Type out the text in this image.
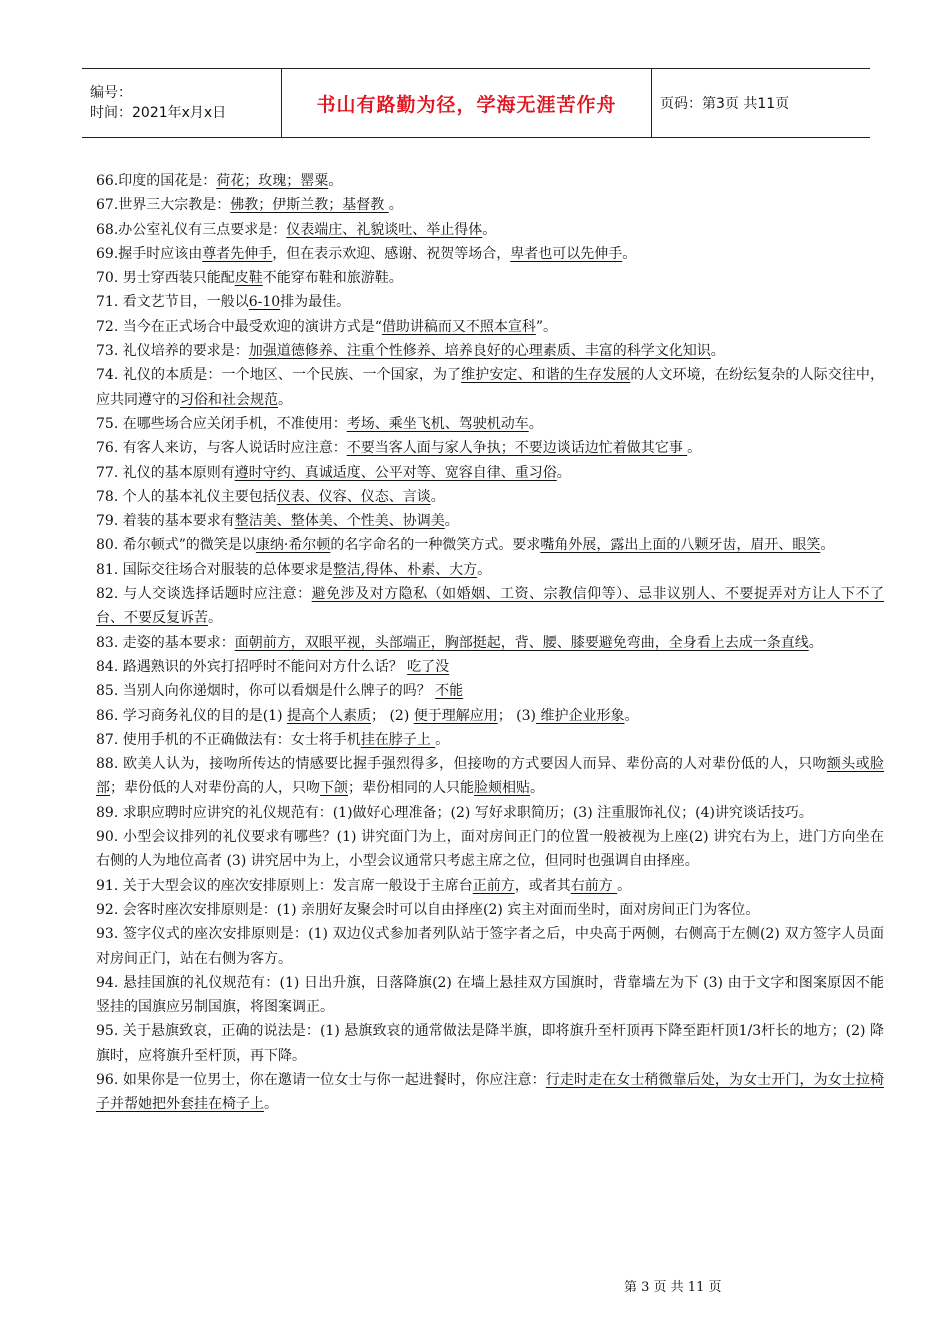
编号：
时间：2021年x月x日	书山有路勤为径，学海无涯苦作舟	页码：第3页 共11页

66.印度的国花是：荷花；玫瑰；罂粟。

67.世界三大宗教是：佛教；伊斯兰教；基督教 。

68.办公室礼仪有三点要求是：仪表端庄、礼貌谈吐、举止得体。

69.握手时应该由尊者先伸手，但在表示欢迎、感谢、祝贺等场合，卑者也可以先伸手。

70. 男士穿西装只能配皮鞋不能穿布鞋和旅游鞋。

71. 看文艺节目，一般以6-10排为最佳。

72. 当今在正式场合中最受欢迎的演讲方式是“借助讲稿而又不照本宣科”。

73. 礼仪培养的要求是：加强道德修养、注重个性修养、培养良好的心理素质、丰富的科学文化知识。

74. 礼仪的本质是：一个地区、一个民族、一个国家，为了维护安定、和谐的生存发展的人文环境，在纷纭复杂的人际交往中，应共同遵守的习俗和社会规范。

75. 在哪些场合应关闭手机，不准使用：考场、乘坐飞机、驾驶机动车。

76. 有客人来访，与客人说话时应注意：不要当客人面与家人争执；不要边谈话边忙着做其它事 。

77. 礼仪的基本原则有遵时守约、真诚适度、公平对等、宽容自律、重习俗。

78. 个人的基本礼仪主要包括仪表、仪容、仪态、言谈。

79. 着装的基本要求有整洁美、整体美、个性美、协调美。

80. 希尔顿式”的微笑是以康纳·希尔顿的名字命名的一种微笑方式。要求嘴角外展，露出上面的八颗牙齿，眉开、眼笑。

81. 国际交往场合对服装的总体要求是整洁,得体、朴素、大方。

82. 与人交谈选择话题时应注意：避免涉及对方隐私（如婚姻、工资、宗教信仰等）、忌非议别人、不要捉弄对方让人下不了台、不要反复诉苦。

83. 走姿的基本要求：面朝前方，双眼平视，头部端正，胸部挺起，背、腰、膝要避免弯曲，全身看上去成一条直线。

84. 路遇熟识的外宾打招呼时不能问对方什么话？ 吃了没

85. 当别人向你递烟时，你可以看烟是什么牌子的吗？ 不能

86. 学习商务礼仪的目的是(1) 提高个人素质； (2) 便于理解应用； (3) 维护企业形象。

87. 使用手机的不正确做法有：女士将手机挂在脖子上 。

88. 欧美人认为，接吻所传达的情感要比握手强烈得多，但接吻的方式要因人而异、辈份高的人对辈份低的人，只吻额头或脸部；辈份低的人对辈份高的人，只吻下颌；辈份相同的人只能脸颊相贴。

89. 求职应聘时应讲究的礼仪规范有：(1)做好心理准备；(2) 写好求职简历；(3) 注重服饰礼仪；(4)讲究谈话技巧。

90. 小型会议排列的礼仪要求有哪些？(1) 讲究面门为上，面对房间正门的位置一般被视为上座(2) 讲究右为上，进门方向坐在右侧的人为地位高者 (3) 讲究居中为上，小型会议通常只考虑主席之位，但同时也强调自由择座。

91. 关于大型会议的座次安排原则上：发言席一般设于主席台正前方，或者其右前方 。

92. 会客时座次安排原则是：(1) 亲朋好友聚会时可以自由择座(2) 宾主对面而坐时，面对房间正门为客位。

93. 签字仪式的座次安排原则是：(1) 双边仪式参加者列队站于签字者之后，中央高于两侧，右侧高于左侧(2) 双方签字人员面对房间正门，站在右侧为客方。

94. 悬挂国旗的礼仪规范有：(1) 日出升旗，日落降旗(2) 在墙上悬挂双方国旗时，背靠墙左为下 (3) 由于文字和图案原因不能竖挂的国旗应另制国旗，将图案调正。

95. 关于悬旗致哀，正确的说法是：(1) 悬旗致哀的通常做法是降半旗，即将旗升至杆顶再下降至距杆顶1/3杆长的地方；(2) 降旗时，应将旗升至杆顶，再下降。

96. 如果你是一位男士，你在邀请一位女士与你一起进餐时，你应注意：行走时走在女士稍微靠后处，为女士开门，为女士拉椅子并帮她把外套挂在椅子上。

第 3 页 共 11 页
